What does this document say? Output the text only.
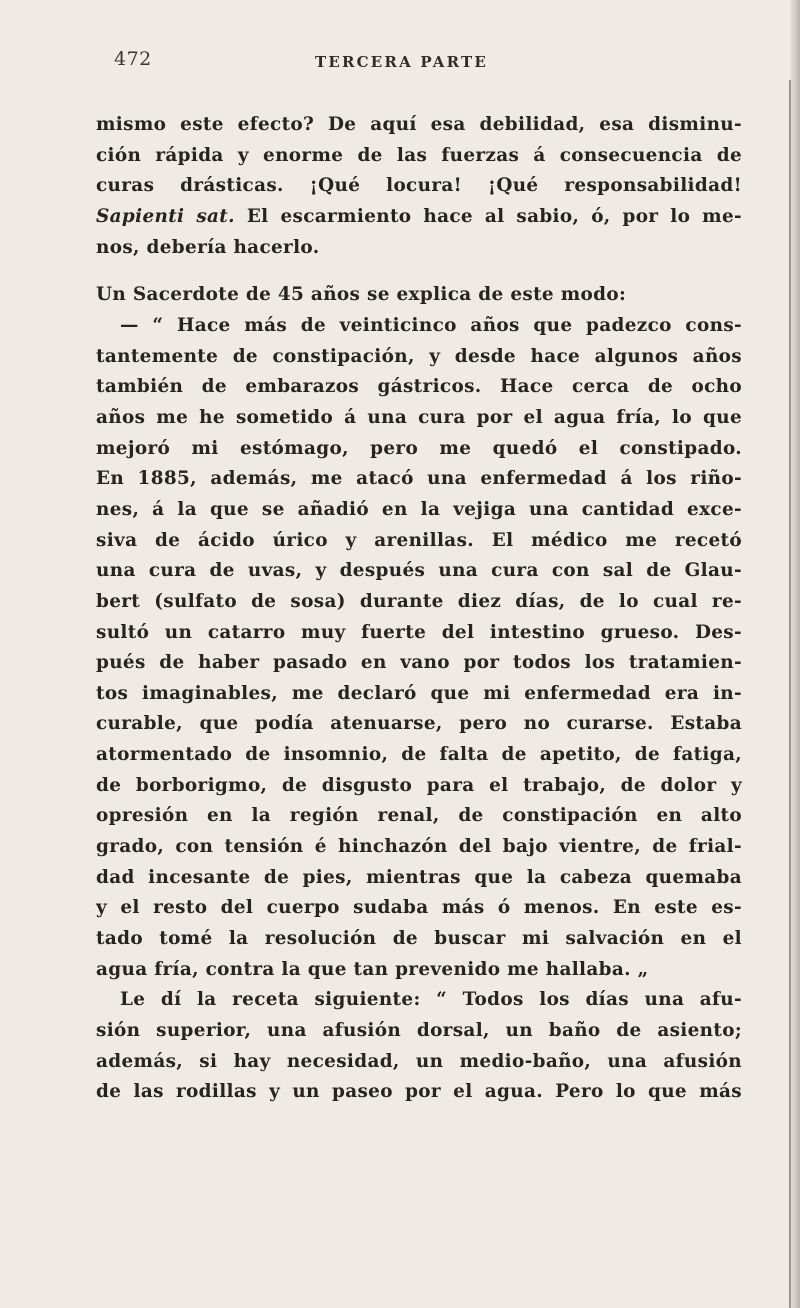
472	TERCERA PARTE
mismo este efecto? De aquí esa debilidad, esa disminu-
ción rápida y enorme de las fuerzas á consecuencia de
curas drásticas. ¡Qué locura! ¡Qué responsabilidad!
Sapienti sat. El escarmiento hace al sabio, ó, por lo me-
nos, debería hacerlo.
Un Sacerdote de 45 años se explica de este modo:
— “ Hace más de veinticinco años que padezco cons-
tantemente de constipación, y desde hace algunos años
también de embarazos gástricos. Hace cerca de ocho
años me he sometido á una cura por el agua fría, lo que
mejoró mi estómago, pero me quedó el constipado.
En 1885, además, me atacó una enfermedad á los riño-
nes, á la que se añadió en la vejiga una cantidad exce-
siva de ácido úrico y arenillas. El médico me recetó
una cura de uvas, y después una cura con sal de Glau-
bert (sulfato de sosa) durante diez días, de lo cual re-
sultó un catarro muy fuerte del intestino grueso. Des-
pués de haber pasado en vano por todos los tratamien-
tos imaginables, me declaró que mi enfermedad era in-
curable, que podía atenuarse, pero no curarse. Estaba
atormentado de insomnio, de falta de apetito, de fatiga,
de borborigmo, de disgusto para el trabajo, de dolor y
opresión en la región renal, de constipación en alto
grado, con tensión é hinchazón del bajo vientre, de frial-
dad incesante de pies, mientras que la cabeza quemaba
y el resto del cuerpo sudaba más ó menos. En este es-
tado tomé la resolución de buscar mi salvación en el
agua fría, contra la que tan prevenido me hallaba. „
Le dí la receta siguiente: “ Todos los días una afu-
sión superior, una afusión dorsal, un baño de asiento;
además, si hay necesidad, un medio-baño, una afusión
de las rodillas y un paseo por el agua. Pero lo que más
